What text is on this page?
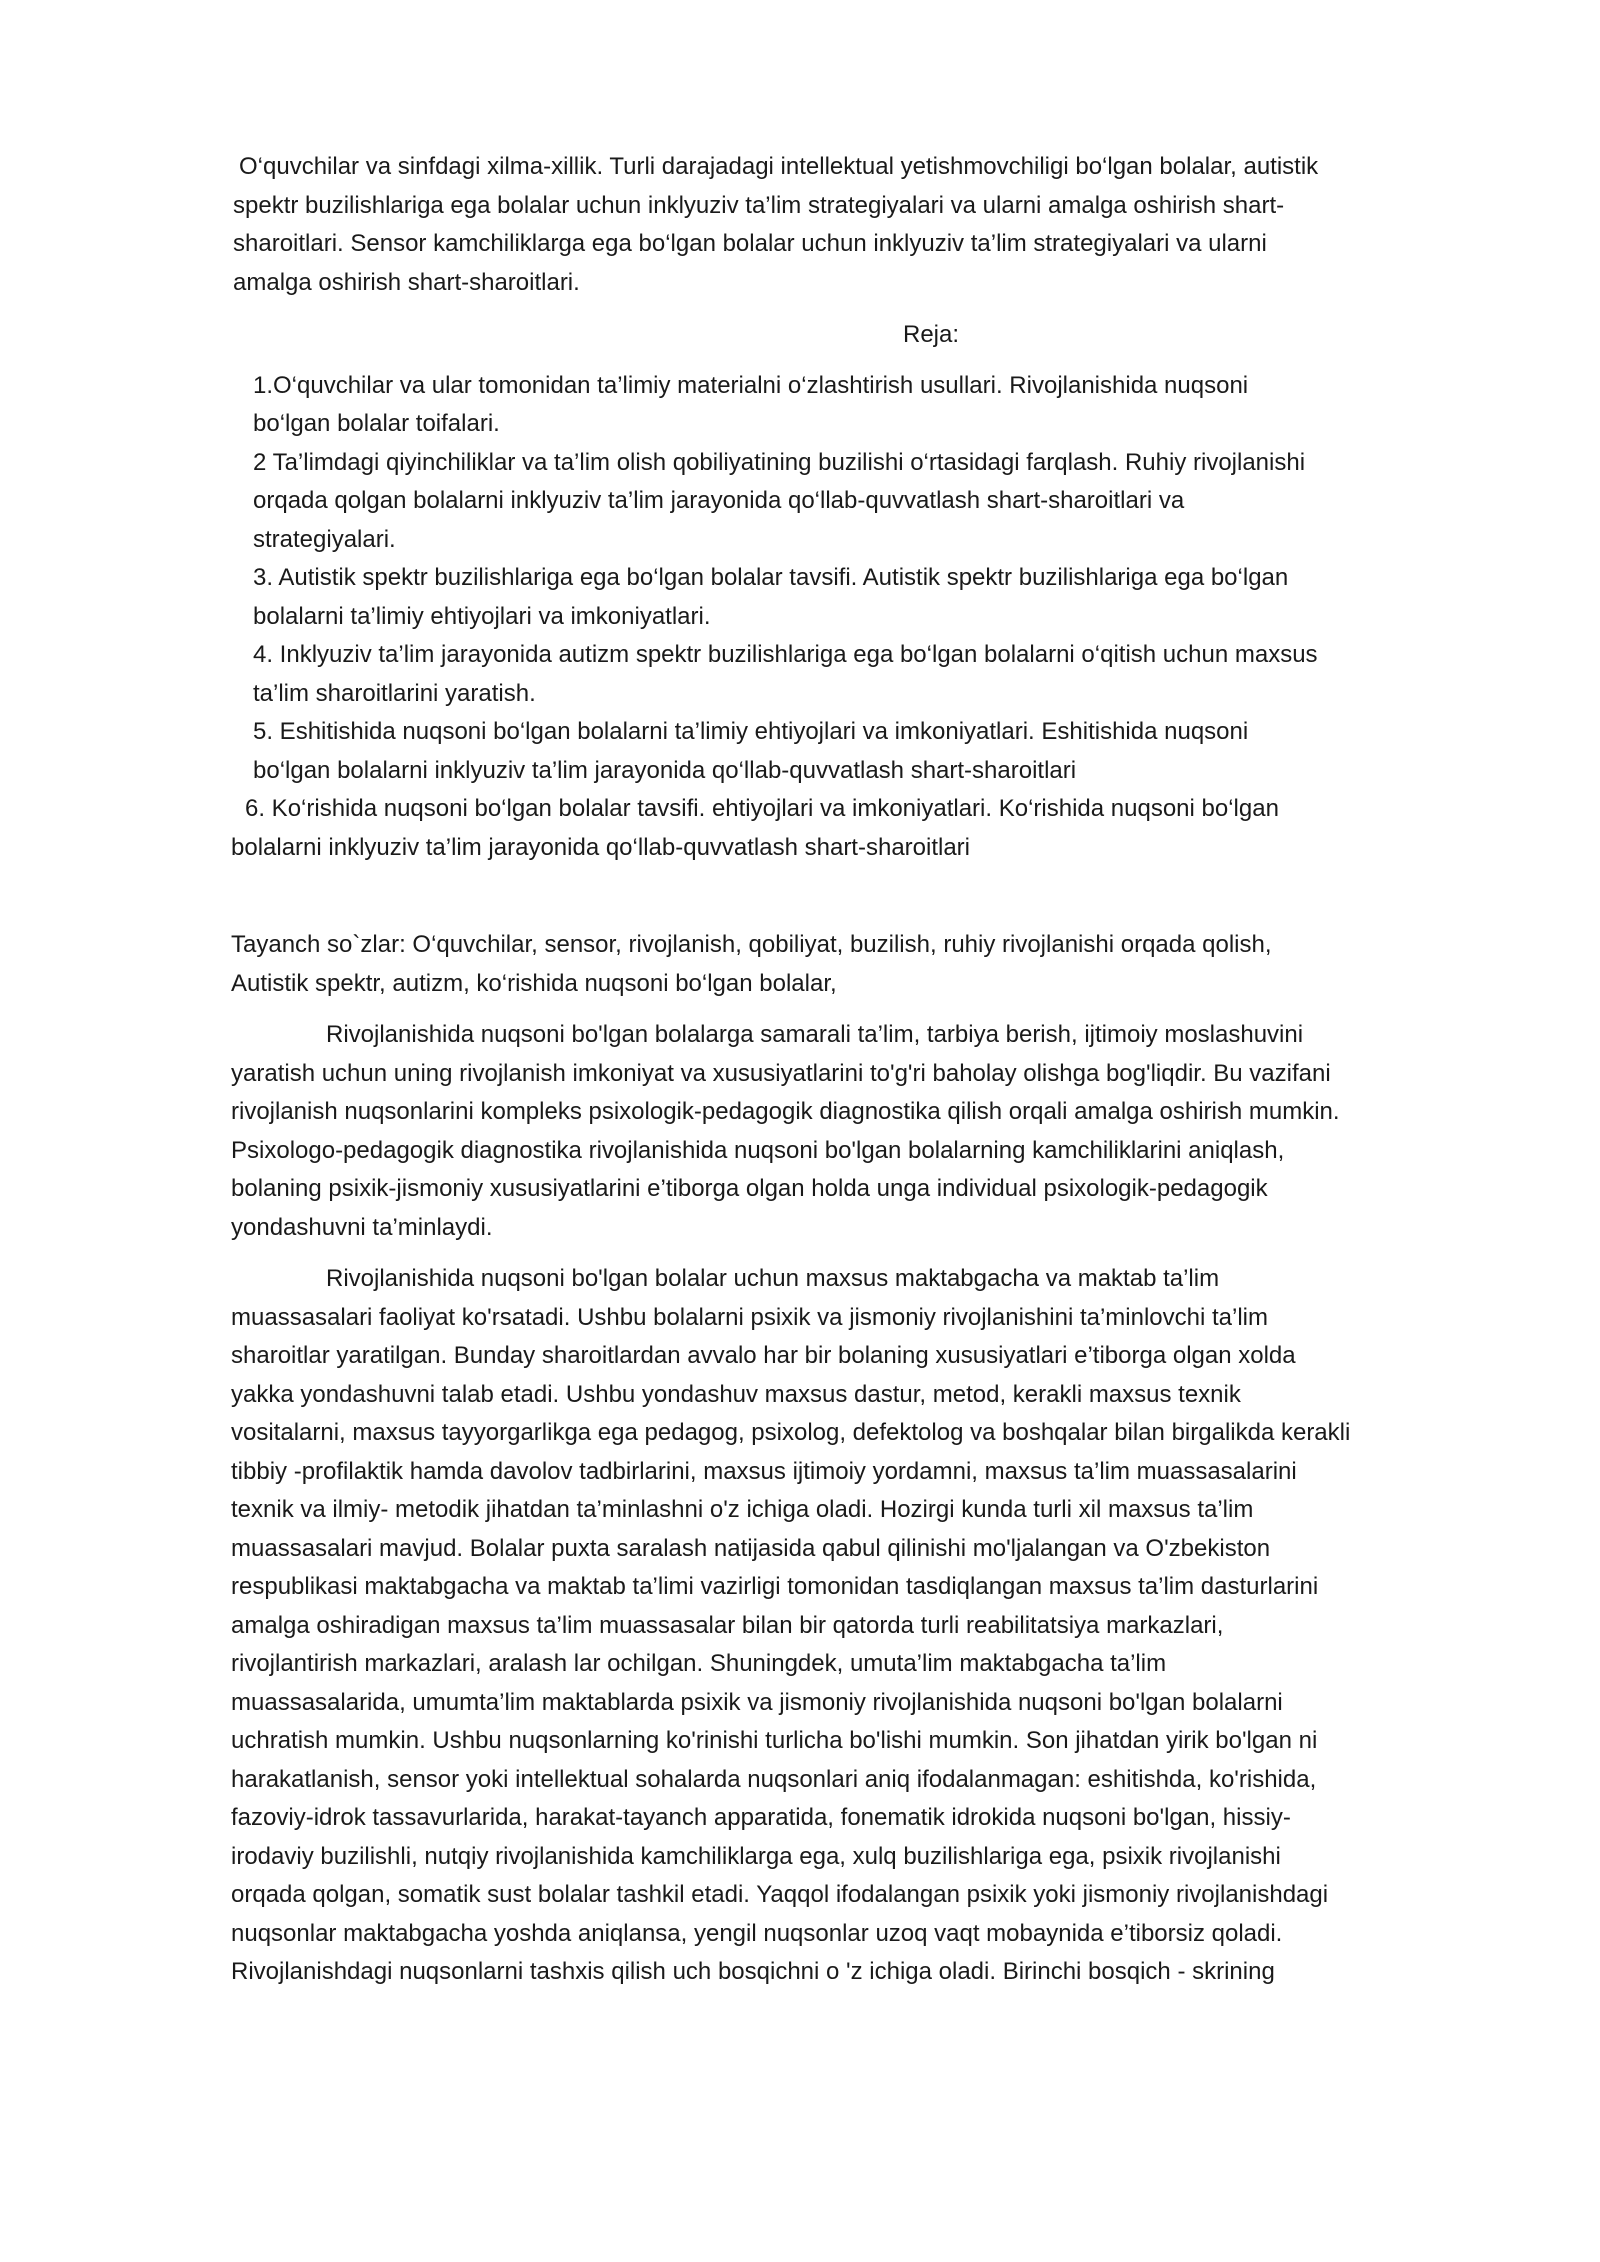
O‘quvchilar va sinfdagi xilma-xillik. Turli darajadagi intellektual yetishmovchiligi bo‘lgan bolalar, autistik
spektr buzilishlariga ega bolalar uchun inklyuziv ta’lim strategiyalari va ularni amalga oshirish shart-
sharoitlari. Sensor kamchiliklarga ega bo‘lgan bolalar uchun inklyuziv ta’lim strategiyalari va ularni
amalga oshirish shart-sharoitlari.
Reja:
1.O‘quvchilar va ular tomonidan ta’limiy materialni o‘zlashtirish usullari. Rivojlanishida nuqsoni
bo‘lgan bolalar toifalari.
2 Ta’limdagi qiyinchiliklar va ta’lim olish qobiliyatining buzilishi o‘rtasidagi farqlash. Ruhiy rivojlanishi
orqada qolgan bolalarni inklyuziv ta’lim jarayonida qo‘llab-quvvatlash shart-sharoitlari va
strategiyalari.
3. Autistik spektr buzilishlariga ega bo‘lgan bolalar tavsifi. Autistik spektr buzilishlariga ega bo‘lgan
bolalarni ta’limiy ehtiyojlari va imkoniyatlari.
4. Inklyuziv ta’lim jarayonida autizm spektr buzilishlariga ega bo‘lgan bolalarni o‘qitish uchun maxsus
ta’lim sharoitlarini yaratish.
5. Eshitishida nuqsoni bo‘lgan bolalarni ta’limiy ehtiyojlari va imkoniyatlari. Eshitishida nuqsoni
bo‘lgan bolalarni inklyuziv ta’lim jarayonida qo‘llab-quvvatlash shart-sharoitlari
6. Ko‘rishida nuqsoni bo‘lgan bolalar tavsifi. ehtiyojlari va imkoniyatlari. Ko‘rishida nuqsoni bo‘lgan
bolalarni inklyuziv ta’lim jarayonida qo‘llab-quvvatlash shart-sharoitlari
Tayanch so`zlar: O‘quvchilar, sensor, rivojlanish, qobiliyat, buzilish, ruhiy rivojlanishi orqada qolish,
Autistik spektr, autizm, ko‘rishida nuqsoni bo‘lgan bolalar,
Rivojlanishida nuqsoni bo'lgan bolalarga samarali ta’lim, tarbiya berish, ijtimoiy moslashuvini
yaratish uchun uning rivojlanish imkoniyat va xususiyatlarini to'g'ri baholay olishga bog'liqdir. Bu vazifani
rivojlanish nuqsonlarini kompleks psixologik-pedagogik diagnostika qilish orqali amalga oshirish mumkin.
Psixologo-pedagogik diagnostika rivojlanishida nuqsoni bo'lgan bolalarning kamchiliklarini aniqlash,
bolaning psixik-jismoniy xususiyatlarini e’tiborga olgan holda unga individual psixologik-pedagogik
yondashuvni ta’minlaydi.
Rivojlanishida nuqsoni bo'lgan bolalar uchun maxsus maktabgacha va maktab ta’lim
muassasalari faoliyat ko'rsatadi. Ushbu bolalarni psixik va jismoniy rivojlanishini ta’minlovchi ta’lim
sharoitlar yaratilgan. Bunday sharoitlardan avvalo har bir bolaning xususiyatlari e’tiborga olgan xolda
yakka yondashuvni talab etadi. Ushbu yondashuv maxsus dastur, metod, kerakli maxsus texnik
vositalarni, maxsus tayyorgarlikga ega pedagog, psixolog, defektolog va boshqalar bilan birgalikda kerakli
tibbiy -profilaktik hamda davolov tadbirlarini, maxsus ijtimoiy yordamni, maxsus ta’lim muassasalarini
texnik va ilmiy- metodik jihatdan ta’minlashni o'z ichiga oladi. Hozirgi kunda turli xil maxsus ta’lim
muassasalari mavjud. Bolalar puxta saralash natijasida qabul qilinishi mo'ljalangan va O'zbekiston
respublikasi maktabgacha va maktab ta’limi vazirligi tomonidan tasdiqlangan maxsus ta’lim dasturlarini
amalga oshiradigan maxsus ta’lim muassasalar bilan bir qatorda turli reabilitatsiya markazlari,
rivojlantirish markazlari, aralash lar ochilgan. Shuningdek, umuta’lim maktabgacha ta’lim
muassasalarida, umumta’lim maktablarda psixik va jismoniy rivojlanishida nuqsoni bo'lgan bolalarni
uchratish mumkin. Ushbu nuqsonlarning ko'rinishi turlicha bo'lishi mumkin. Son jihatdan yirik bo'lgan ni
harakatlanish, sensor yoki intellektual sohalarda nuqsonlari aniq ifodalanmagan: eshitishda, ko'rishida,
fazoviy-idrok tassavurlarida, harakat-tayanch apparatida, fonematik idrokida nuqsoni bo'lgan, hissiy-
irodaviy buzilishli, nutqiy rivojlanishida kamchiliklarga ega, xulq buzilishlariga ega, psixik rivojlanishi
orqada qolgan, somatik sust bolalar tashkil etadi. Yaqqol ifodalangan psixik yoki jismoniy rivojlanishdagi
nuqsonlar maktabgacha yoshda aniqlansa, yengil nuqsonlar uzoq vaqt mobaynida e’tiborsiz qoladi.
Rivojlanishdagi nuqsonlarni tashxis qilish uch bosqichni o 'z ichiga oladi. Birinchi bosqich - skrining
